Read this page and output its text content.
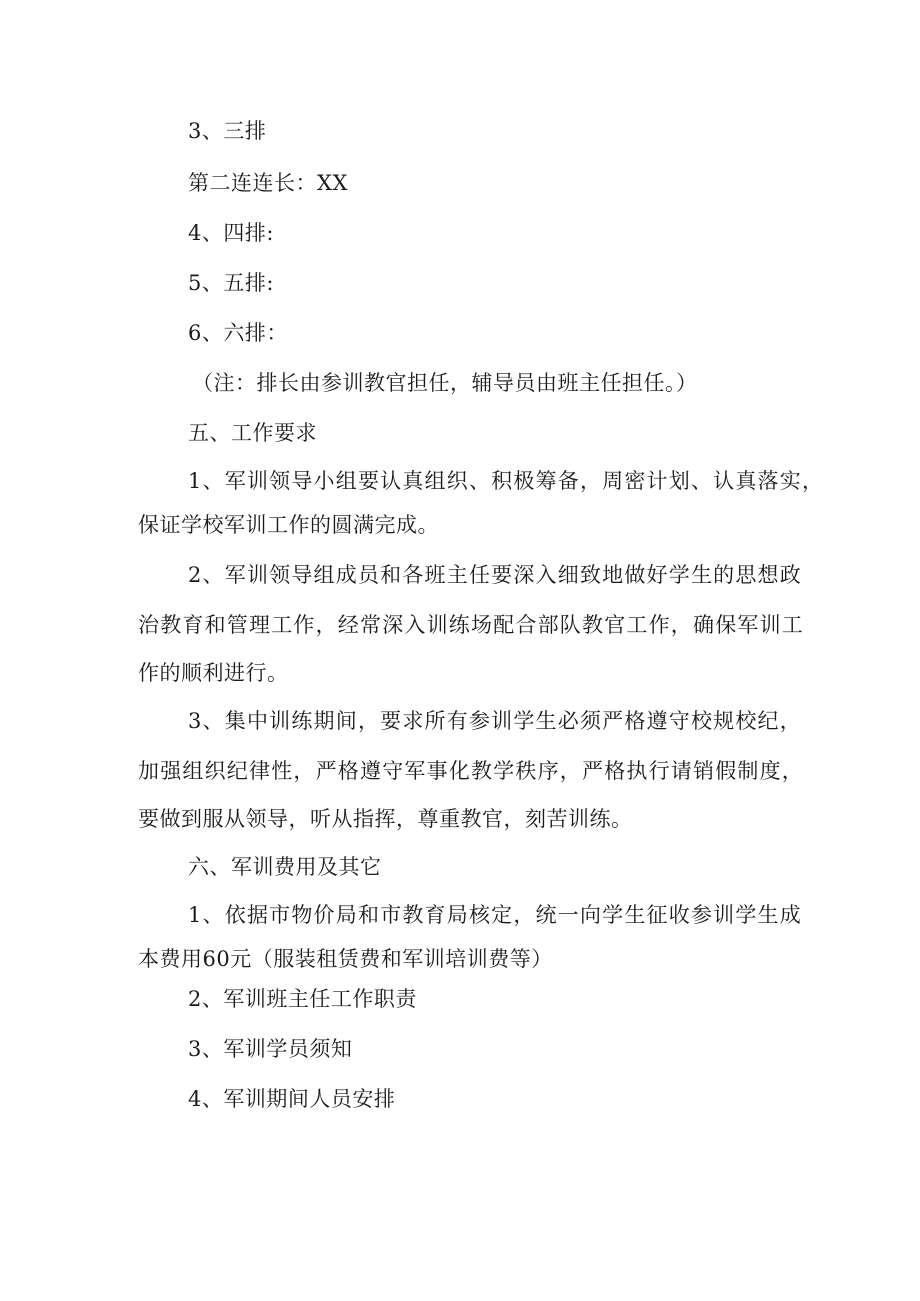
3、三排
第二连连长：XX
4、四排:
5、五排:
6、六排：
（注：排长由参训教官担任，辅导员由班主任担任。）
五、工作要求
1、军训领导小组要认真组织、积极筹备，周密计划、认真落实，
保证学校军训工作的圆满完成。
2、军训领导组成员和各班主任要深入细致地做好学生的思想政
治教育和管理工作，经常深入训练场配合部队教官工作，确保军训工
作的顺利进行。
3、集中训练期间，要求所有参训学生必须严格遵守校规校纪，
加强组织纪律性，严格遵守军事化教学秩序，严格执行请销假制度，
要做到服从领导，听从指挥，尊重教官，刻苦训练。
六、军训费用及其它
1、依据市物价局和市教育局核定，统一向学生征收参训学生成
本费用60元（服装租赁费和军训培训费等）
2、军训班主任工作职责
3、军训学员须知
4、军训期间人员安排
